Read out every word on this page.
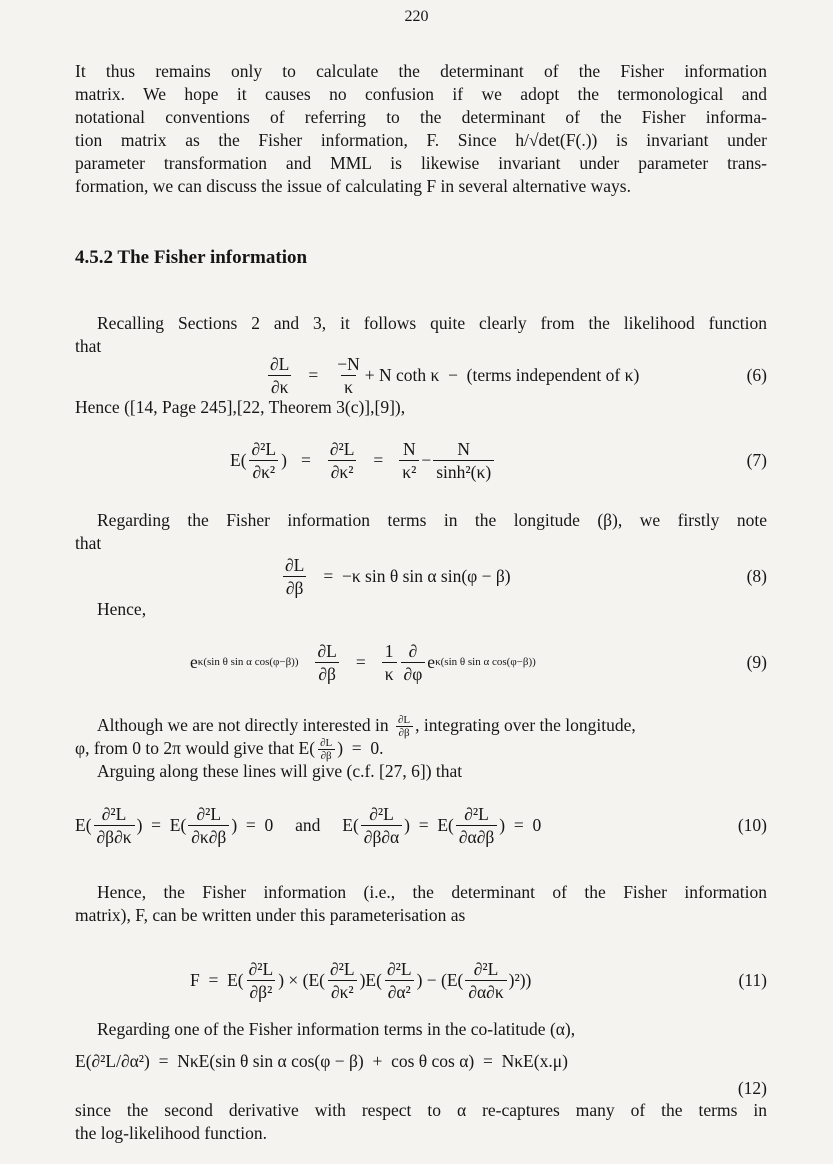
220
It thus remains only to calculate the determinant of the Fisher information
matrix. We hope it causes no confusion if we adopt the termonological and
notational conventions of referring to the determinant of the Fisher informa-
tion matrix as the Fisher information, F. Since h/√det(F(.)) is invariant under
parameter transformation and MML is likewise invariant under parameter trans-
formation, we can discuss the issue of calculating F in several alternative ways.
4.5.2 The Fisher information
Recalling Sections 2 and 3, it follows quite clearly from the likelihood function
that
$\frac{\partial L}{\partial\kappa} = \frac{-N}{\kappa} + N$ coth κ  −  (terms independent of κ)	(6)
Hence ([14, Page 245],[22, Theorem 3(c)],[9]),
$E( \frac{\text{∂²L}}{\text{∂κ²}}$ ) = $\frac{\text{∂²L}}{\text{∂κ²}} = \frac{N}{\text{κ²}} - \frac{N}{\text{sinh²(κ)}}$	(7)
Regarding the Fisher information terms in the longitude (β), we firstly note
that
$\frac{\partial L}{\partial\beta} = -\kappa$ sin θ sin α sin(φ − β)	(8)
Hence,
e κ(sin θ sin α $\cos(\varphi-\beta)) \frac{\partial L}{\partial\beta} = \frac{1}{\kappa} \frac{\partial}{\partial\varphi}$ e κ(sin θ sin α cos(φ−β))	(9)
Although we are not directly interested in $\frac{\partial L}{\partial\beta}$ , integrating over the longitude,
φ, from 0 to 2π would give that $E( \frac{\partial L}{\partial\beta}$ )  =  0.
Arguing along these lines will give (c.f. [27, 6]) that
$E( \frac{\text{∂²L}}{\partial\beta\partial\kappa}$ )  =  $E( \frac{\text{∂²L}}{\partial\kappa\partial\beta}$ )  =  0     and     $E( \frac{\text{∂²L}}{\partial\beta\partial\alpha}$ )  =  $E( \frac{\text{∂²L}}{\partial\alpha\partial\beta}$ )  =  0	(10)
Hence, the Fisher information (i.e., the determinant of the Fisher information
matrix), F, can be written under this parameterisation as
$F = E( \frac{\text{∂²L}}{\text{∂β²}}$ ) × ($E( \frac{\text{∂²L}}{\text{∂κ²}} )E( \frac{\text{∂²L}}{\text{∂α²}}$ ) − $(E( \frac{\text{∂²L}}{\partial\alpha\partial\kappa} )^2)$)	(11)
Regarding one of the Fisher information terms in the co-latitude (α),
E(∂²L/∂α²)  =  NκE(sin θ sin α cos(φ − β)  +  cos θ cos α)  =  NκE(x.μ)
(12)
since the second derivative with respect to α re-captures many of the terms in
the log-likelihood function.
